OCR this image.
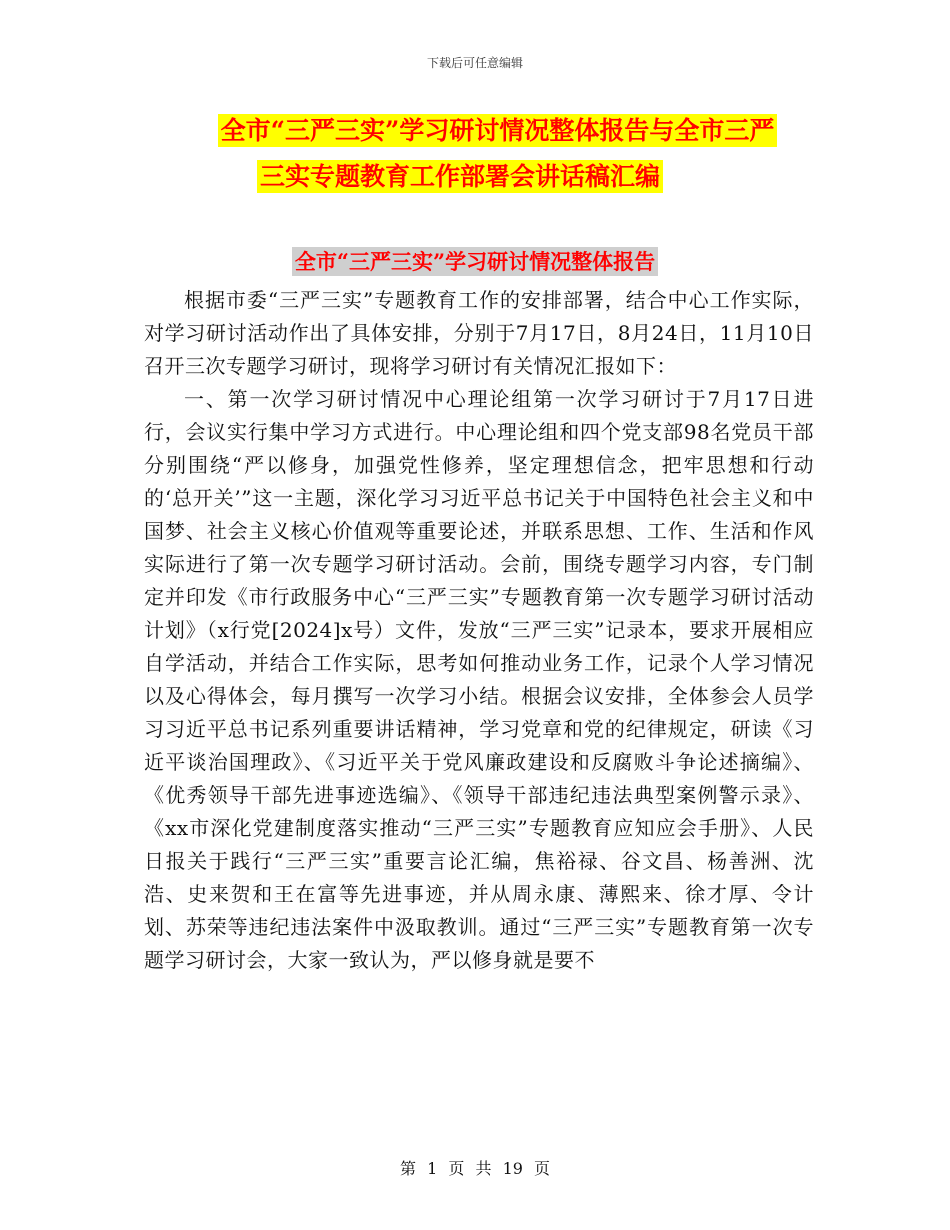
下载后可任意编辑
全市“三严三实”学习研讨情况整体报告与全市三严
三实专题教育工作部署会讲话稿汇编
全市“三严三实”学习研讨情况整体报告

根据市委“三严三实”专题教育工作的安排部署，结合中心工作实际，对学习研讨活动作出了具体安排，分别于7月17日，8月24日，11月10日召开三次专题学习研讨，现将学习研讨有关情况汇报如下：

一、第一次学习研讨情况中心理论组第一次学习研讨于7月17日进行，会议实行集中学习方式进行。中心理论组和四个党支部98名党员干部分别围绕“严以修身，加强党性修养，坚定理想信念，把牢思想和行动的‘总开关’”这一主题，深化学习习近平总书记关于中国特色社会主义和中国梦、社会主义核心价值观等重要论述，并联系思想、工作、生活和作风实际进行了第一次专题学习研讨活动。会前，围绕专题学习内容，专门制定并印发《市行政服务中心“三严三实”专题教育第一次专题学习研讨活动计划》（x行党[2024]x号）文件，发放“三严三实”记录本，要求开展相应自学活动，并结合工作实际，思考如何推动业务工作，记录个人学习情况以及心得体会，每月撰写一次学习小结。根据会议安排，全体参会人员学习习近平总书记系列重要讲话精神，学习党章和党的纪律规定，研读《习近平谈治国理政》、《习近平关于党风廉政建设和反腐败斗争论述摘编》、《优秀领导干部先进事迹选编》、《领导干部违纪违法典型案例警示录》、《xx市深化党建制度落实推动“三严三实”专题教育应知应会手册》、人民日报关于践行“三严三实”重要言论汇编，焦裕禄、谷文昌、杨善洲、沈浩、史来贺和王在富等先进事迹，并从周永康、薄熙来、徐才厚、令计划、苏荣等违纪违法案件中汲取教训。通过“三严三实”专题教育第一次专题学习研讨会，大家一致认为，严以修身就是要不

第 1 页 共 19 页
